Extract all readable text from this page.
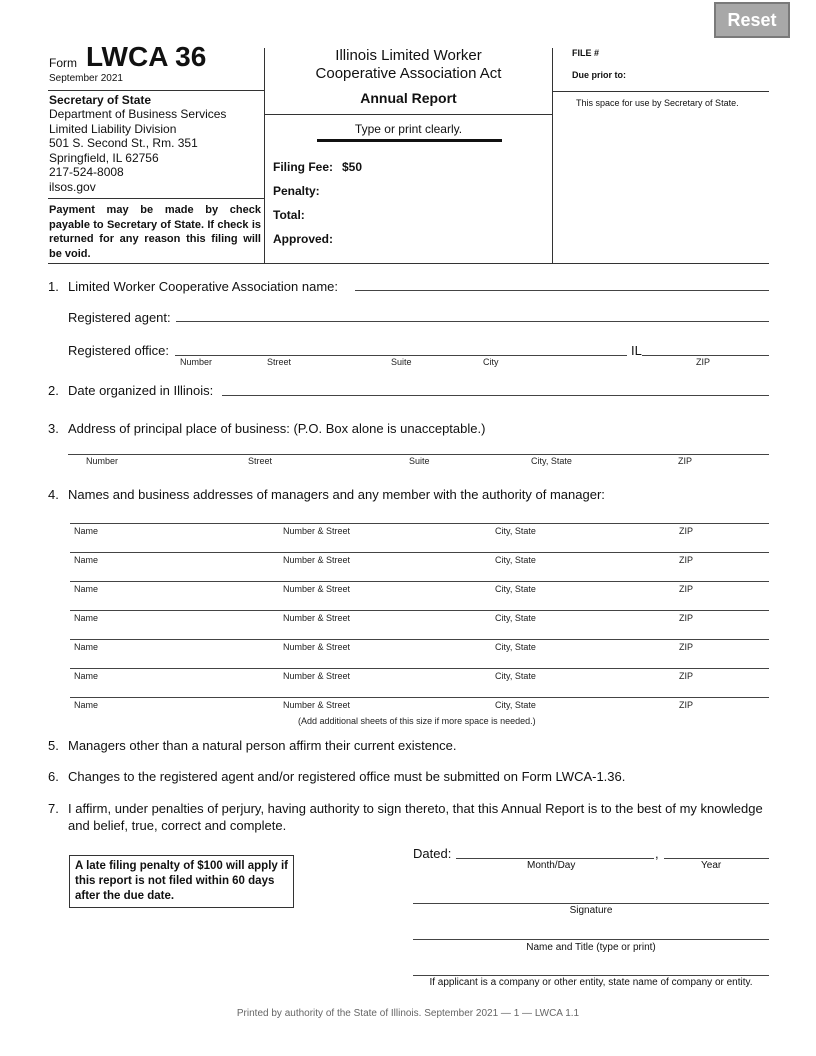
Reset
Form LWCA 36
September 2021
Secretary of State
Department of Business Services
Limited Liability Division
501 S. Second St., Rm. 351
Springfield, IL 62756
217-524-8008
ilsos.gov
Payment may be made by check payable to Secretary of State. If check is returned for any reason this filing will be void.
Illinois Limited Worker
Cooperative Association Act
Annual Report
Type or print clearly.
Filing Fee: $50
Penalty:
Total:
Approved:
FILE #
Due prior to:
This space for use by Secretary of State.
1. Limited Worker Cooperative Association name:
Registered agent:
Registered office:	IL
Number	Street	Suite	City	ZIP
2. Date organized in Illinois:
3. Address of principal place of business: (P.O. Box alone is unacceptable.)
Number	Street	Suite	City, State	ZIP
4. Names and business addresses of managers and any member with the authority of manager:
Name	Number & Street	City, State	ZIP
Name	Number & Street	City, State	ZIP
Name	Number & Street	City, State	ZIP
Name	Number & Street	City, State	ZIP
Name	Number & Street	City, State	ZIP
Name	Number & Street	City, State	ZIP
Name	Number & Street	City, State	ZIP
(Add additional sheets of this size if more space is needed.)
5. Managers other than a natural person affirm their current existence.
6. Changes to the registered agent and/or registered office must be submitted on Form LWCA-1.36.
7. I affirm, under penalties of perjury, having authority to sign thereto, that this Annual Report is to the best of my knowledge
and belief, true, correct and complete.
A late filing penalty of $100 will apply if this report is not filed within 60 days after the due date.
Dated:	,
Month/Day	Year
Signature
Name and Title (type or print)
If applicant is a company or other entity, state name of company or entity.
Printed by authority of the State of Illinois. September 2021 — 1 — LWCA 1.1
